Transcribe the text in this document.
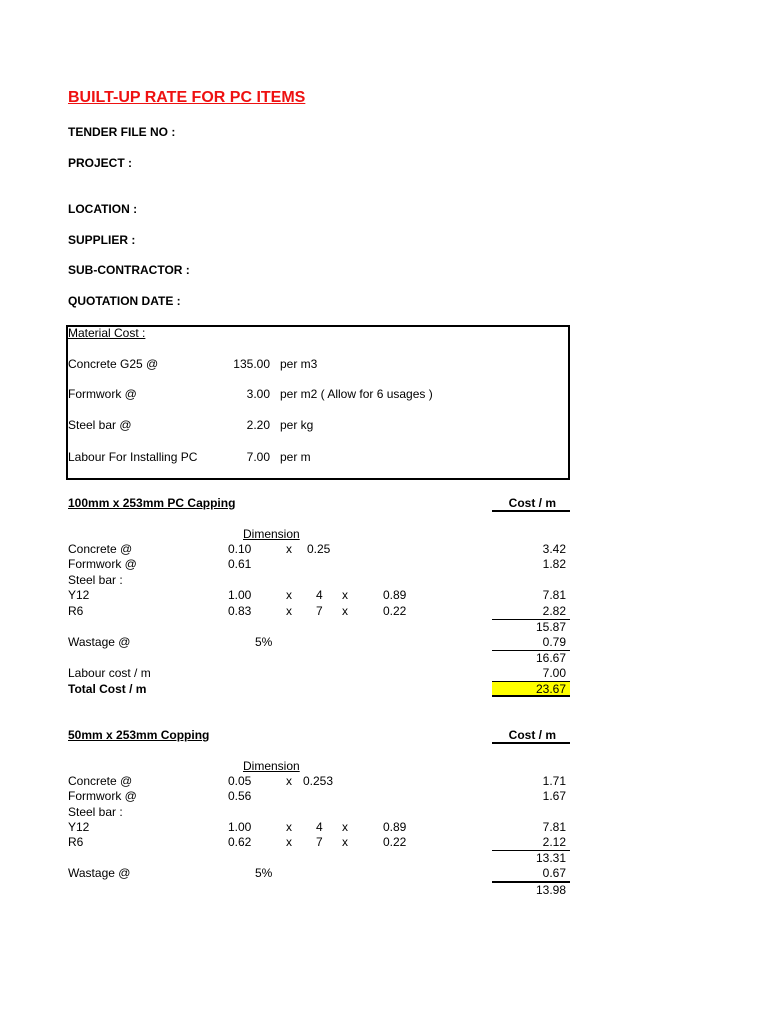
BUILT-UP RATE FOR PC ITEMS
TENDER FILE NO :
PROJECT :
LOCATION :
SUPPLIER :
SUB-CONTRACTOR :
QUOTATION DATE :
Material Cost :
Concrete G25 @	135.00 per m3
Formwork @	3.00 per m2 ( Allow for 6 usages )
Steel bar @	2.20 per kg
Labour For Installing PC	7.00 per m
100mm x 253mm PC Capping	Cost / m
Dimension
Concrete @	0.10	x 0.25	3.42
Formwork @	0.61	1.82
Steel bar :
Y12	1.00	x 4 x	0.89	7.81
R6	0.83	x 7 x	0.22	2.82
15.87
Wastage @	5%	0.79
16.67
Labour cost / m	7.00
Total Cost / m	23.67
50mm x 253mm Copping	Cost / m
Dimension
Concrete @	0.05	x 0.253	1.71
Formwork @	0.56	1.67
Steel bar :
Y12	1.00	x 4 x	0.89	7.81
R6	0.62	x 7 x	0.22	2.12
13.31
Wastage @	5%	0.67
13.98
